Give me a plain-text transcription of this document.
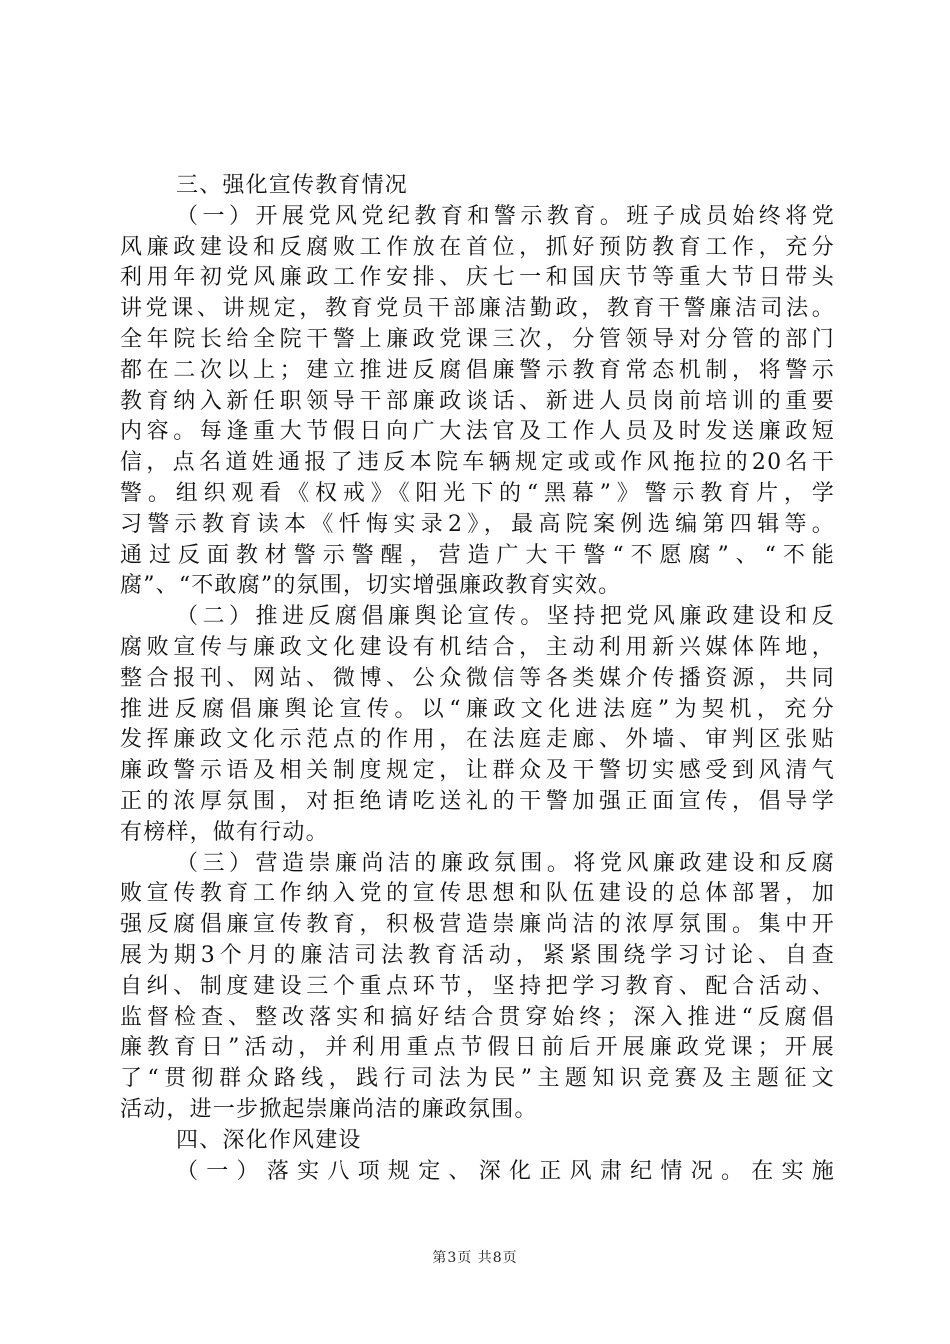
三、强化宣传教育情况
（一）开展党风党纪教育和警示教育。班子成员始终将党
风廉政建设和反腐败工作放在首位，抓好预防教育工作，充分
利用年初党风廉政工作安排、庆七一和国庆节等重大节日带头
讲党课、讲规定，教育党员干部廉洁勤政，教育干警廉洁司法。
全年院长给全院干警上廉政党课三次，分管领导对分管的部门
都在二次以上；建立推进反腐倡廉警示教育常态机制，将警示
教育纳入新任职领导干部廉政谈话、新进人员岗前培训的重要
内容。每逢重大节假日向广大法官及工作人员及时发送廉政短
信，点名道姓通报了违反本院车辆规定或或作风拖拉的20名干
警。组织观看《权戒》《阳光下的“黑幕”》警示教育片，学
习警示教育读本《忏悔实录2》，最高院案例选编第四辑等。
通过反面教材警示警醒，营造广大干警“不愿腐”、“不能
腐”、“不敢腐”的氛围，切实增强廉政教育实效。
（二）推进反腐倡廉舆论宣传。坚持把党风廉政建设和反
腐败宣传与廉政文化建设有机结合，主动利用新兴媒体阵地，
整合报刊、网站、微博、公众微信等各类媒介传播资源，共同
推进反腐倡廉舆论宣传。以“廉政文化进法庭”为契机，充分
发挥廉政文化示范点的作用，在法庭走廊、外墙、审判区张贴
廉政警示语及相关制度规定，让群众及干警切实感受到风清气
正的浓厚氛围，对拒绝请吃送礼的干警加强正面宣传，倡导学
有榜样，做有行动。
（三）营造崇廉尚洁的廉政氛围。将党风廉政建设和反腐
败宣传教育工作纳入党的宣传思想和队伍建设的总体部署，加
强反腐倡廉宣传教育，积极营造崇廉尚洁的浓厚氛围。集中开
展为期3个月的廉洁司法教育活动，紧紧围绕学习讨论、自查
自纠、制度建设三个重点环节，坚持把学习教育、配合活动、
监督检查、整改落实和搞好结合贯穿始终；深入推进“反腐倡
廉教育日”活动，并利用重点节假日前后开展廉政党课；开展
了“贯彻群众路线，践行司法为民”主题知识竞赛及主题征文
活动，进一步掀起崇廉尚洁的廉政氛围。
四、深化作风建设
（一）落实八项规定、深化正风肃纪情况。在实施
第3页 共8页
